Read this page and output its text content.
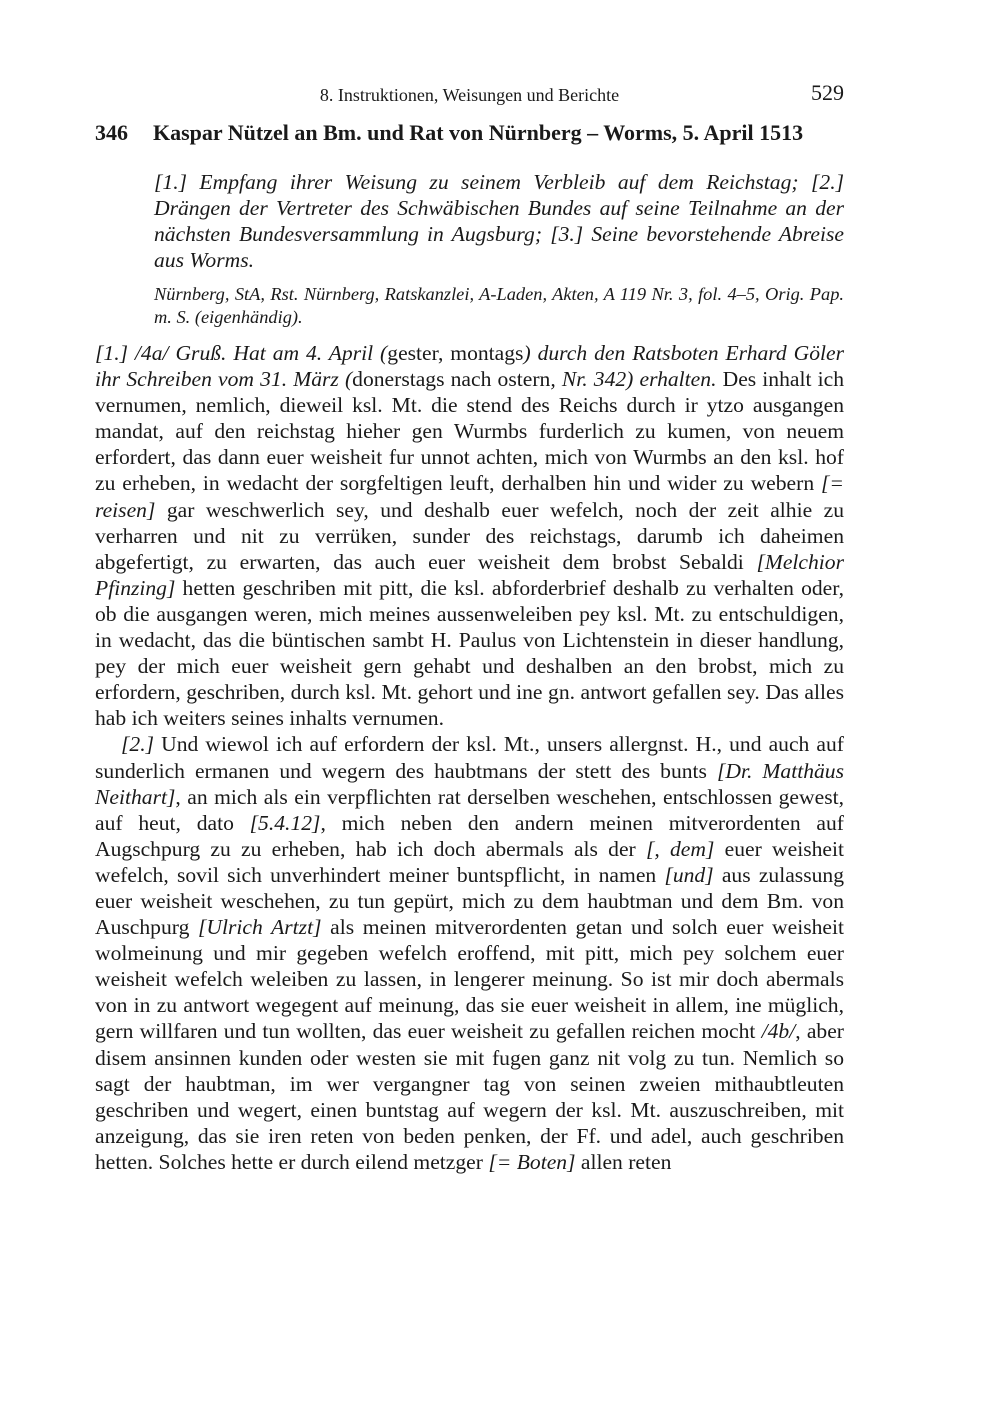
8. Instruktionen, Weisungen und Berichte	529
346 Kaspar Nützel an Bm. und Rat von Nürnberg – Worms, 5. April 1513

[1.] Empfang ihrer Weisung zu seinem Verbleib auf dem Reichstag; [2.] Drängen der Vertreter des Schwäbischen Bundes auf seine Teilnahme an der nächsten Bundesversammlung in Augsburg; [3.] Seine bevorstehende Abreise aus Worms.

Nürnberg, StA, Rst. Nürnberg, Ratskanzlei, A-Laden, Akten, A 119 Nr. 3, fol. 4–5, Orig. Pap. m. S. (eigenhändig).

[1.] /4a/ Gruß. Hat am 4. April (gester, montags) durch den Ratsboten Erhard Göler ihr Schreiben vom 31. März (donerstags nach ostern, Nr. 342) erhalten. Des inhalt ich vernumen, nemlich, dieweil ksl. Mt. die stend des Reichs durch ir ytzo ausgangen mandat, auf den reichstag hieher gen Wurmbs furderlich zu kumen, von neuem erfordert, das dann euer weisheit fur unnot achten, mich von Wurmbs an den ksl. hof zu erheben, in wedacht der sorgfeltigen leuft, derhalben hin und wider zu webern [= reisen] gar weschwerlich sey, und deshalb euer wefelch, noch der zeit alhie zu verharren und nit zu verrüken, sunder des reichstags, darumb ich daheimen abgefertigt, zu erwarten, das auch euer weisheit dem brobst Sebaldi [Melchior Pfinzing] hetten geschriben mit pitt, die ksl. abforderbrief deshalb zu verhalten oder, ob die ausgangen weren, mich meines aussenweleiben pey ksl. Mt. zu entschuldigen, in wedacht, das die büntischen sambt H. Paulus von Lichtenstein in dieser handlung, pey der mich euer weisheit gern gehabt und deshalben an den brobst, mich zu erfordern, geschriben, durch ksl. Mt. gehort und ine gn. antwort gefallen sey. Das alles hab ich weiters seines inhalts vernumen.

[2.] Und wiewol ich auf erfordern der ksl. Mt., unsers allergnst. H., und auch auf sunderlich ermanen und wegern des haubtmans der stett des bunts [Dr. Matthäus Neithart], an mich als ein verpflichten rat derselben weschehen, entschlossen gewest, auf heut, dato [5.4.12], mich neben den andern meinen mitverordenten auf Augschpurg zu zu erheben, hab ich doch abermals als der [, dem] euer weisheit wefelch, sovil sich unverhindert meiner buntspflicht, in namen [und] aus zulassung euer weisheit weschehen, zu tun gepürt, mich zu dem haubtman und dem Bm. von Auschpurg [Ulrich Artzt] als meinen mitverordenten getan und solch euer weisheit wolmeinung und mir gegeben wefelch eroffend, mit pitt, mich pey solchem euer weisheit wefelch weleiben zu lassen, in lengerer meinung. So ist mir doch abermals von in zu antwort wegegent auf meinung, das sie euer weisheit in allem, ine müglich, gern willfaren und tun wollten, das euer weisheit zu gefallen reichen mocht /4b/, aber disem ansinnen kunden oder westen sie mit fugen ganz nit volg zu tun. Nemlich so sagt der haubtman, im wer vergangner tag von seinen zweien mithaubtleuten geschriben und wegert, einen buntstag auf wegern der ksl. Mt. auszuschreiben, mit anzeigung, das sie iren reten von beden penken, der Ff. und adel, auch geschriben hetten. Solches hette er durch eilend metzger [= Boten] allen reten
